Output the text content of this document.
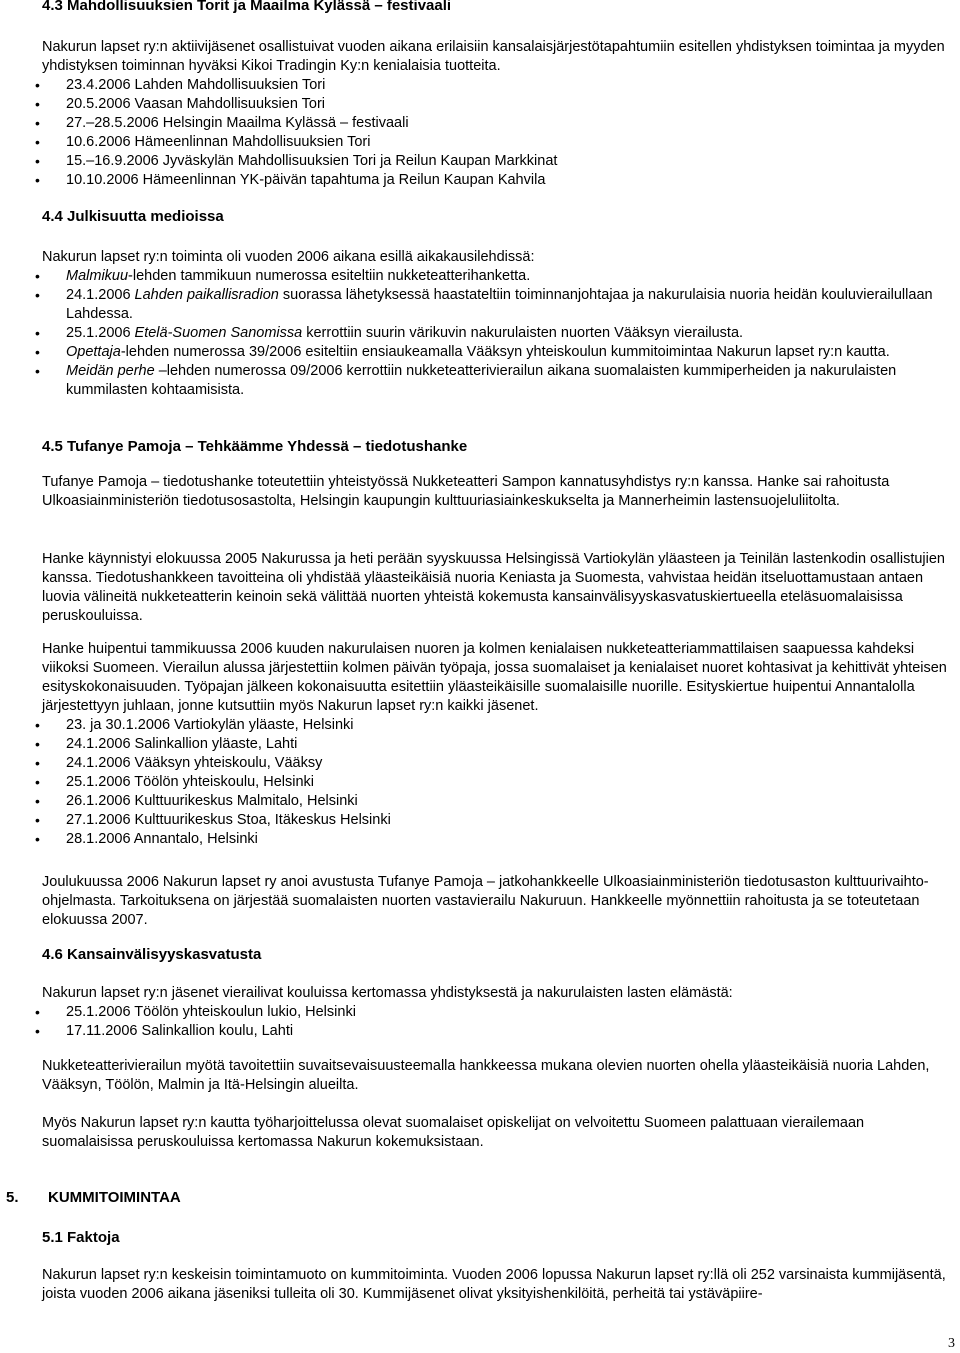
4.3 Mahdollisuuksien Torit ja Maailma Kylässä – festivaali

Nakurun lapset ry:n aktiivijäsenet osallistuivat vuoden aikana erilaisiin kansalaisjärjestötapahtumiin esitellen yhdistyksen toimintaa ja myyden yhdistyksen toiminnan hyväksi Kikoi Tradingin Ky:n kenialaisia tuotteita.

• 23.4.2006 Lahden Mahdollisuuksien Tori
• 20.5.2006 Vaasan Mahdollisuuksien Tori
• 27.–28.5.2006 Helsingin Maailma Kylässä – festivaali
• 10.6.2006 Hämeenlinnan Mahdollisuuksien Tori
• 15.–16.9.2006 Jyväskylän Mahdollisuuksien Tori ja Reilun Kaupan Markkinat
• 10.10.2006 Hämeenlinnan YK-päivän tapahtuma ja Reilun Kaupan Kahvila
4.4 Julkisuutta medioissa

Nakurun lapset ry:n toiminta oli vuoden 2006 aikana esillä aikakausilehdissä:

• Malmikuu-lehden tammikuun numerossa esiteltiin nukketeatterihanketta.
• 24.1.2006 Lahden paikallisradion suorassa lähetyksessä haastateltiin toiminnanjohtajaa ja nakurulaisia nuoria heidän kouluvierailullaan Lahdessa.
• 25.1.2006 Etelä-Suomen Sanomissa kerrottiin suurin värikuvin nakurulaisten nuorten Vääksyn vierailusta.
• Opettaja-lehden numerossa 39/2006 esiteltiin ensiaukeamalla Vääksyn yhteiskoulun kummitoimintaa Nakurun lapset ry:n kautta.
• Meidän perhe –lehden numerossa 09/2006 kerrottiin nukketeatterivierailun aikana suomalaisten kummiperheiden ja nakurulaisten kummilasten kohtaamisista.
4.5 Tufanye Pamoja – Tehkäämme Yhdessä – tiedotushanke

Tufanye Pamoja – tiedotushanke toteutettiin yhteistyössä Nukketeatteri Sampon kannatusyhdistys ry:n kanssa. Hanke sai rahoitusta Ulkoasiainministeriön tiedotusosastolta, Helsingin kaupungin kulttuuriasiainkeskukselta ja Mannerheimin lastensuojeluliitolta.

Hanke käynnistyi elokuussa 2005 Nakurussa ja heti perään syyskuussa Helsingissä Vartiokylän yläasteen ja Teinilän lastenkodin osallistujien kanssa. Tiedotushankkeen tavoitteina oli yhdistää yläasteikäisiä nuoria Keniasta ja Suomesta, vahvistaa heidän itseluottamustaan antaen luovia välineitä nukketeatterin keinoin sekä välittää nuorten yhteistä kokemusta kansainvälisyyskasvatuskiertueella eteläsuomalaisissa peruskouluissa.

Hanke huipentui tammikuussa 2006 kuuden nakurulaisen nuoren ja kolmen kenialaisen nukketeatteriammattilaisen saapuessa kahdeksi viikoksi Suomeen. Vierailun alussa järjestettiin kolmen päivän työpaja, jossa suomalaiset ja kenialaiset nuoret kohtasivat ja kehittivät yhteisen esityskokonaisuuden. Työpajan jälkeen kokonaisuutta esitettiin yläasteikäisille suomalaisille nuorille. Esityskiertue huipentui Annantalolla järjestettyyn juhlaan, jonne kutsuttiin myös Nakurun lapset ry:n kaikki jäsenet.

• 23. ja 30.1.2006 Vartiokylän yläaste, Helsinki
• 24.1.2006 Salinkallion yläaste, Lahti
• 24.1.2006 Vääksyn yhteiskoulu, Vääksy
• 25.1.2006 Töölön yhteiskoulu, Helsinki
• 26.1.2006 Kulttuurikeskus Malmitalo, Helsinki
• 27.1.2006 Kulttuurikeskus Stoa, Itäkeskus Helsinki
• 28.1.2006 Annantalo, Helsinki

Joulukuussa 2006 Nakurun lapset ry anoi avustusta Tufanye Pamoja – jatkohankkeelle Ulkoasiainministeriön tiedotusaston kulttuurivaihto-ohjelmasta. Tarkoituksena on järjestää suomalaisten nuorten vastavierailu Nakuruun. Hankkeelle myönnettiin rahoitusta ja se toteutetaan elokuussa 2007.

4.6 Kansainvälisyyskasvatusta

Nakurun lapset ry:n jäsenet vierailivat kouluissa kertomassa yhdistyksestä ja nakurulaisten lasten elämästä:

• 25.1.2006 Töölön yhteiskoulun lukio, Helsinki
• 17.11.2006 Salinkallion koulu, Lahti

Nukketeatterivierailun myötä tavoitettiin suvaitsevaisuusteemalla hankkeessa mukana olevien nuorten ohella yläasteikäisiä nuoria Lahden, Vääksyn, Töölön, Malmin ja Itä-Helsingin alueilta.

Myös Nakurun lapset ry:n kautta työharjoittelussa olevat suomalaiset opiskelijat on velvoitettu Suomeen palattuaan vierailemaan suomalaisissa peruskouluissa kertomassa Nakurun kokemuksistaan.

5. KUMMITOIMINTAA
5.1 Faktoja

Nakurun lapset ry:n keskeisin toimintamuoto on kummitoiminta. Vuoden 2006 lopussa Nakurun lapset ry:llä oli 252 varsinaista kummijäsentä, joista vuoden 2006 aikana jäseniksi tulleita oli 30. Kummijäsenet olivat yksityishenkilöitä, perheitä tai ystäväpiire-

3
